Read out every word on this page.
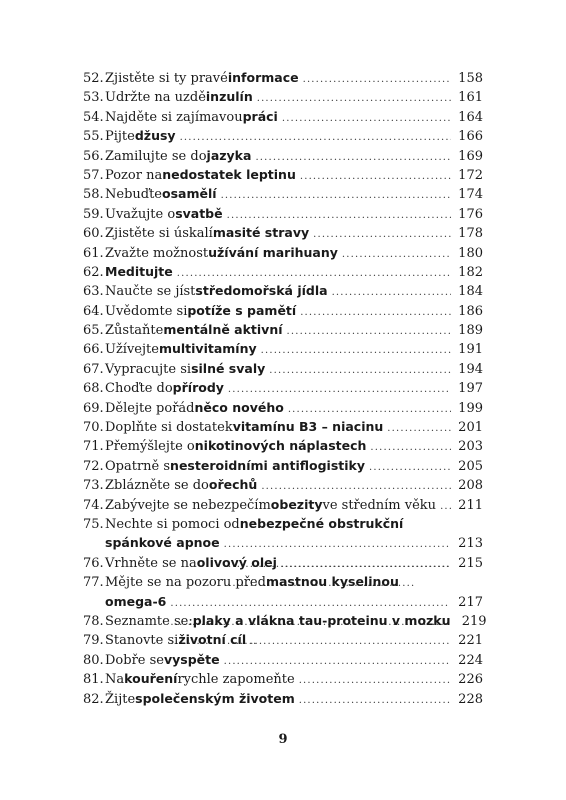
52. Zjistěte si ty pravé informace . . .	158
53. Udržte na uzdě inzulín . . .	161
54. Najděte si zajímavou práci . . .	164
55. Pijte džusy . . .	166
56. Zamilujte se do jazyka . . .	169
57. Pozor na nedostatek leptinu . . .	172
58. Nebuďte osamělí . . .	174
59. Uvažujte o svatbě . . .	176
60. Zjistěte si úskalí masité stravy . . .	178
61. Zvažte možnost užívání marihuany . . .	180
62. Meditujte . . .	182
63. Naučte se jíst středomořská jídla . . .	184
64. Uvědomte si potíže s pamětí . . .	186
65. Zůstaňte mentálně aktivní . . .	189
66. Užívejte multivitamíny . . .	191
67. Vypracujte si silné svaly . . .	194
68. Choďte do přírody . . .	197
69. Dělejte pořád něco nového . . .	199
70. Doplňte si dostatek vitamínu B3 – niacinu . . .	201
71. Přemýšlejte o nikotinových náplastech . . .	203
72. Opatrně s nesteroidními antiflogistiky . . .	205
73. Zblázněte se do ořechů . . .	208
74. Zabývejte se nebezpečím obezity ve středním věku . . . 211
75. Nechte si pomoci od nebezpečné obstrukční
spánkové apnoe . . .	213
76. Vrhněte se na olivový olej . . .	215
77. Mějte se na pozoru před mastnou kyselinou
omega-6 . . .	217
78. Seznamte se: plaky a vlákna tau-proteinu v mozku 219
79. Stanovte si životní cíl . . .	221
80. Dobře se vyspěte . . .	224
81. Na kouření rychle zapomeňte . . .	226
82. Žijte společenským životem . . .	228
9
